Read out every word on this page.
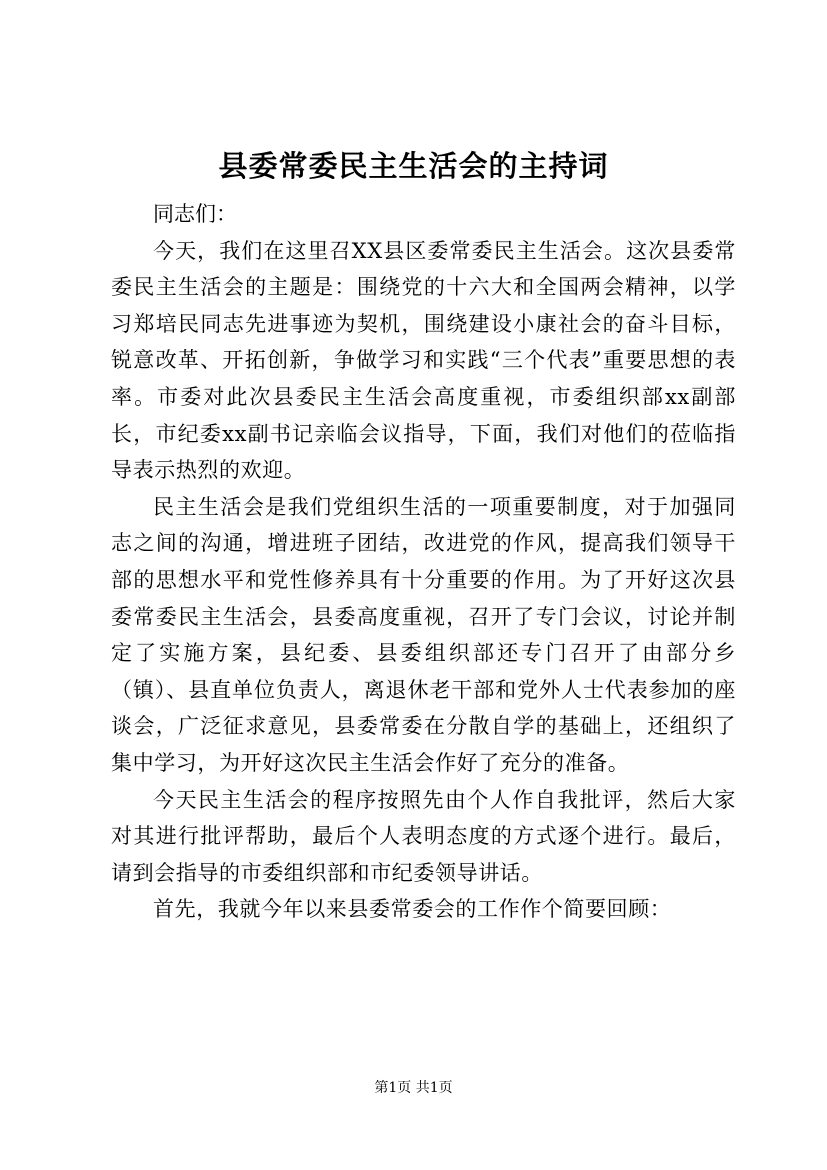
县委常委民主生活会的主持词

同志们：

今天，我们在这里召XX县区委常委民主生活会。这次县委常委民主生活会的主题是：围绕党的十六大和全国两会精神，以学习郑培民同志先进事迹为契机，围绕建设小康社会的奋斗目标，锐意改革、开拓创新，争做学习和实践“三个代表”重要思想的表率。市委对此次县委民主生活会高度重视，市委组织部xx副部长，市纪委xx副书记亲临会议指导，下面，我们对他们的莅临指导表示热烈的欢迎。

民主生活会是我们党组织生活的一项重要制度，对于加强同志之间的沟通，增进班子团结，改进党的作风，提高我们领导干部的思想水平和党性修养具有十分重要的作用。为了开好这次县委常委民主生活会，县委高度重视，召开了专门会议，讨论并制定了实施方案，县纪委、县委组织部还专门召开了由部分乡（镇）、县直单位负责人，离退休老干部和党外人士代表参加的座谈会，广泛征求意见，县委常委在分散自学的基础上，还组织了集中学习，为开好这次民主生活会作好了充分的准备。

今天民主生活会的程序按照先由个人作自我批评，然后大家对其进行批评帮助，最后个人表明态度的方式逐个进行。最后，请到会指导的市委组织部和市纪委领导讲话。

首先，我就今年以来县委常委会的工作作个简要回顾：

第1页 共1页
